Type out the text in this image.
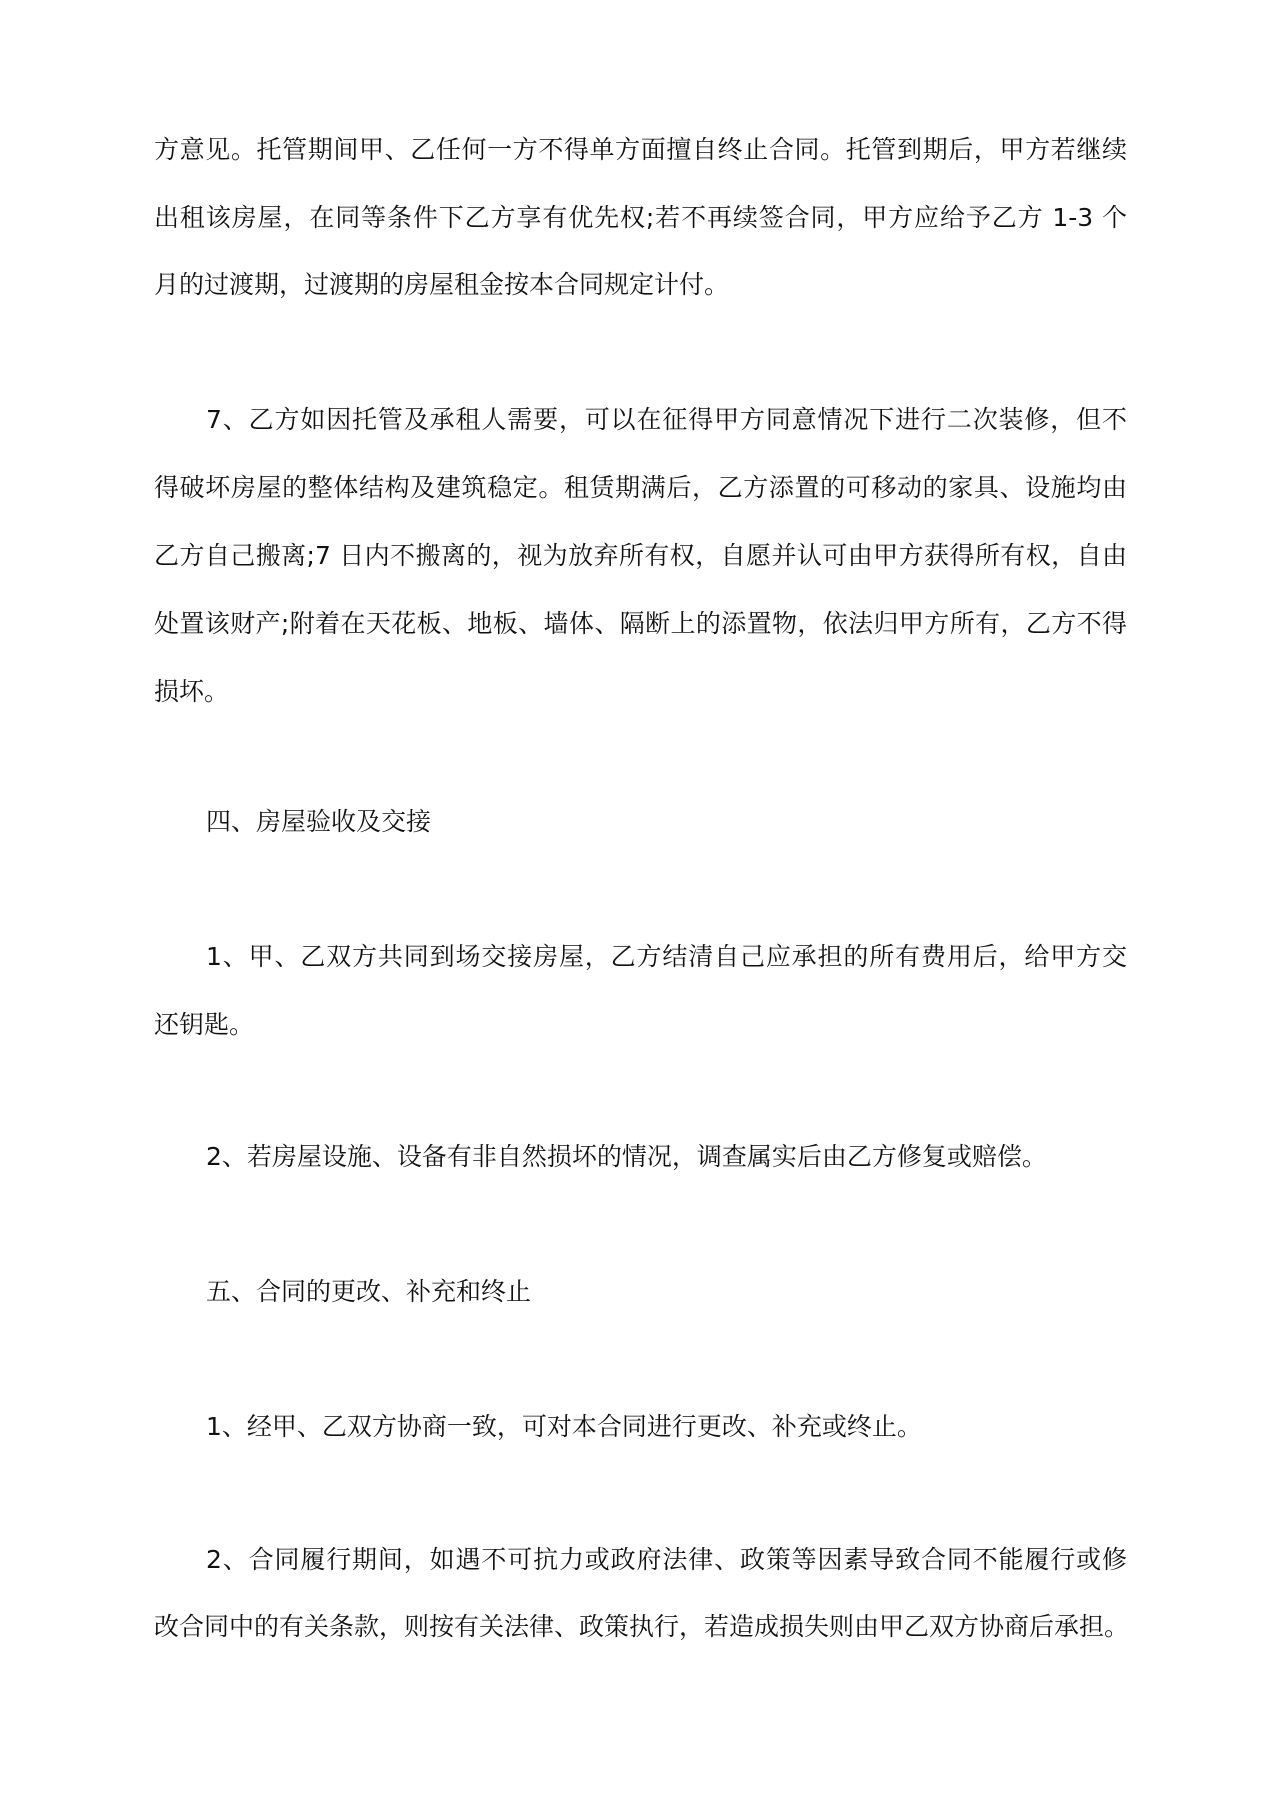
方意见。托管期间甲、乙任何一方不得单方面擅自终止合同。托管到期后，甲方若继续
出租该房屋，在同等条件下乙方享有优先权;若不再续签合同，甲方应给予乙方 1-3 个
月的过渡期，过渡期的房屋租金按本合同规定计付。
7、乙方如因托管及承租人需要，可以在征得甲方同意情况下进行二次装修，但不
得破坏房屋的整体结构及建筑稳定。租赁期满后，乙方添置的可移动的家具、设施均由
乙方自己搬离;7 日内不搬离的，视为放弃所有权，自愿并认可由甲方获得所有权，自由
处置该财产;附着在天花板、地板、墙体、隔断上的添置物，依法归甲方所有，乙方不得
损坏。
四、房屋验收及交接
1、甲、乙双方共同到场交接房屋，乙方结清自己应承担的所有费用后，给甲方交
还钥匙。
2、若房屋设施、设备有非自然损坏的情况，调查属实后由乙方修复或赔偿。
五、合同的更改、补充和终止
1、经甲、乙双方协商一致，可对本合同进行更改、补充或终止。
2、合同履行期间，如遇不可抗力或政府法律、政策等因素导致合同不能履行或修
改合同中的有关条款，则按有关法律、政策执行，若造成损失则由甲乙双方协商后承担。
